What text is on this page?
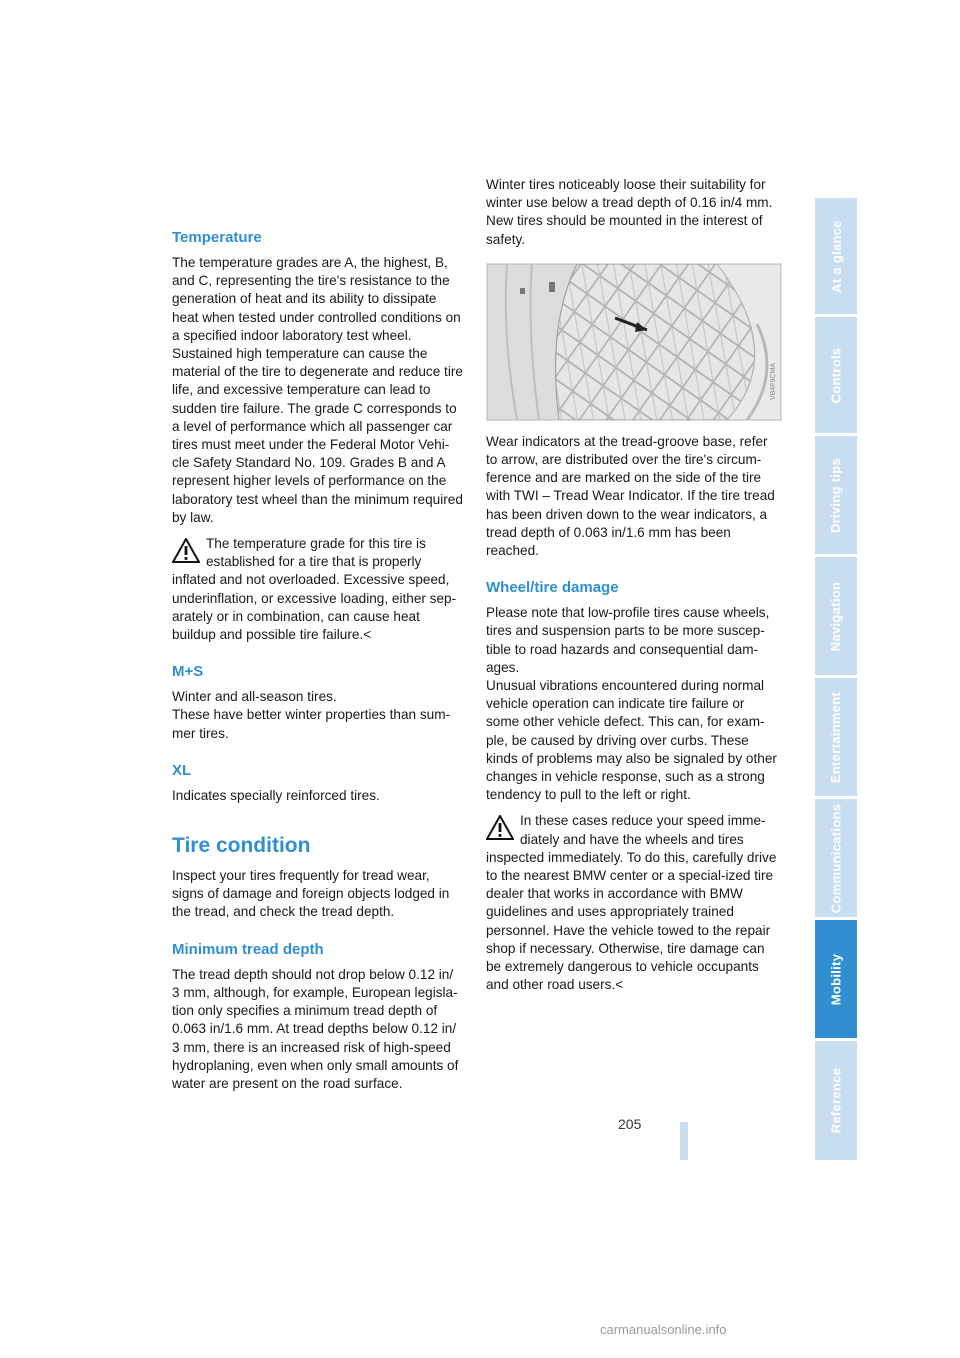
Temperature

The temperature grades are A, the highest, B, and C, representing the tire's resistance to the generation of heat and its ability to dissipate heat when tested under controlled conditions on a specified indoor laboratory test wheel. Sustained high temperature can cause the material of the tire to degenerate and reduce tire life, and excessive temperature can lead to sudden tire failure. The grade C corresponds to a level of performance which all passenger car tires must meet under the Federal Motor Vehi-cle Safety Standard No. 109. Grades B and A represent higher levels of performance on the laboratory test wheel than the minimum required by law.

The temperature grade for this tire is established for a tire that is properly

inflated and not overloaded. Excessive speed, underinflation, or excessive loading, either sep-arately or in combination, can cause heat buildup and possible tire failure.<

M+S

Winter and all-season tires.

These have better winter properties than sum-mer tires.

XL

Indicates specially reinforced tires.

Tire condition

Inspect your tires frequently for tread wear, signs of damage and foreign objects lodged in the tread, and check the tread depth.

Minimum tread depth

The tread depth should not drop below 0.12 in/ 3 mm, although, for example, European legisla-tion only specifies a minimum tread depth of 0.063 in/1.6 mm. At tread depths below 0.12 in/ 3 mm, there is an increased risk of high-speed hydroplaning, even when only small amounts of water are present on the road surface.

Winter tires noticeably loose their suitability for winter use below a tread depth of 0.16 in/4 mm. New tires should be mounted in the interest of safety.

VB4F9CMA

Wear indicators at the tread-groove base, refer to arrow, are distributed over the tire's circum-ference and are marked on the side of the tire with TWI – Tread Wear Indicator. If the tire tread has been driven down to the wear indicators, a tread depth of 0.063 in/1.6 mm has been reached.

Wheel/tire damage

Please note that low-profile tires cause wheels, tires and suspension parts to be more suscep-tible to road hazards and consequential dam-ages.

Unusual vibrations encountered during normal vehicle operation can indicate tire failure or some other vehicle defect. This can, for exam-ple, be caused by driving over curbs. These kinds of problems may also be signaled by other changes in vehicle response, such as a strong tendency to pull to the left or right.

In these cases reduce your speed imme-diately and have the wheels and tires

inspected immediately. To do this, carefully drive to the nearest BMW center or a special-ized tire dealer that works in accordance with BMW guidelines and uses appropriately trained personnel. Have the vehicle towed to the repair shop if necessary. Otherwise, tire damage can be extremely dangerous to vehicle occupants and other road users.<

At a glance
Controls
Driving tips
Navigation
Entertainment
Communications
Mobility
Reference
205
carmanualsonline.info
